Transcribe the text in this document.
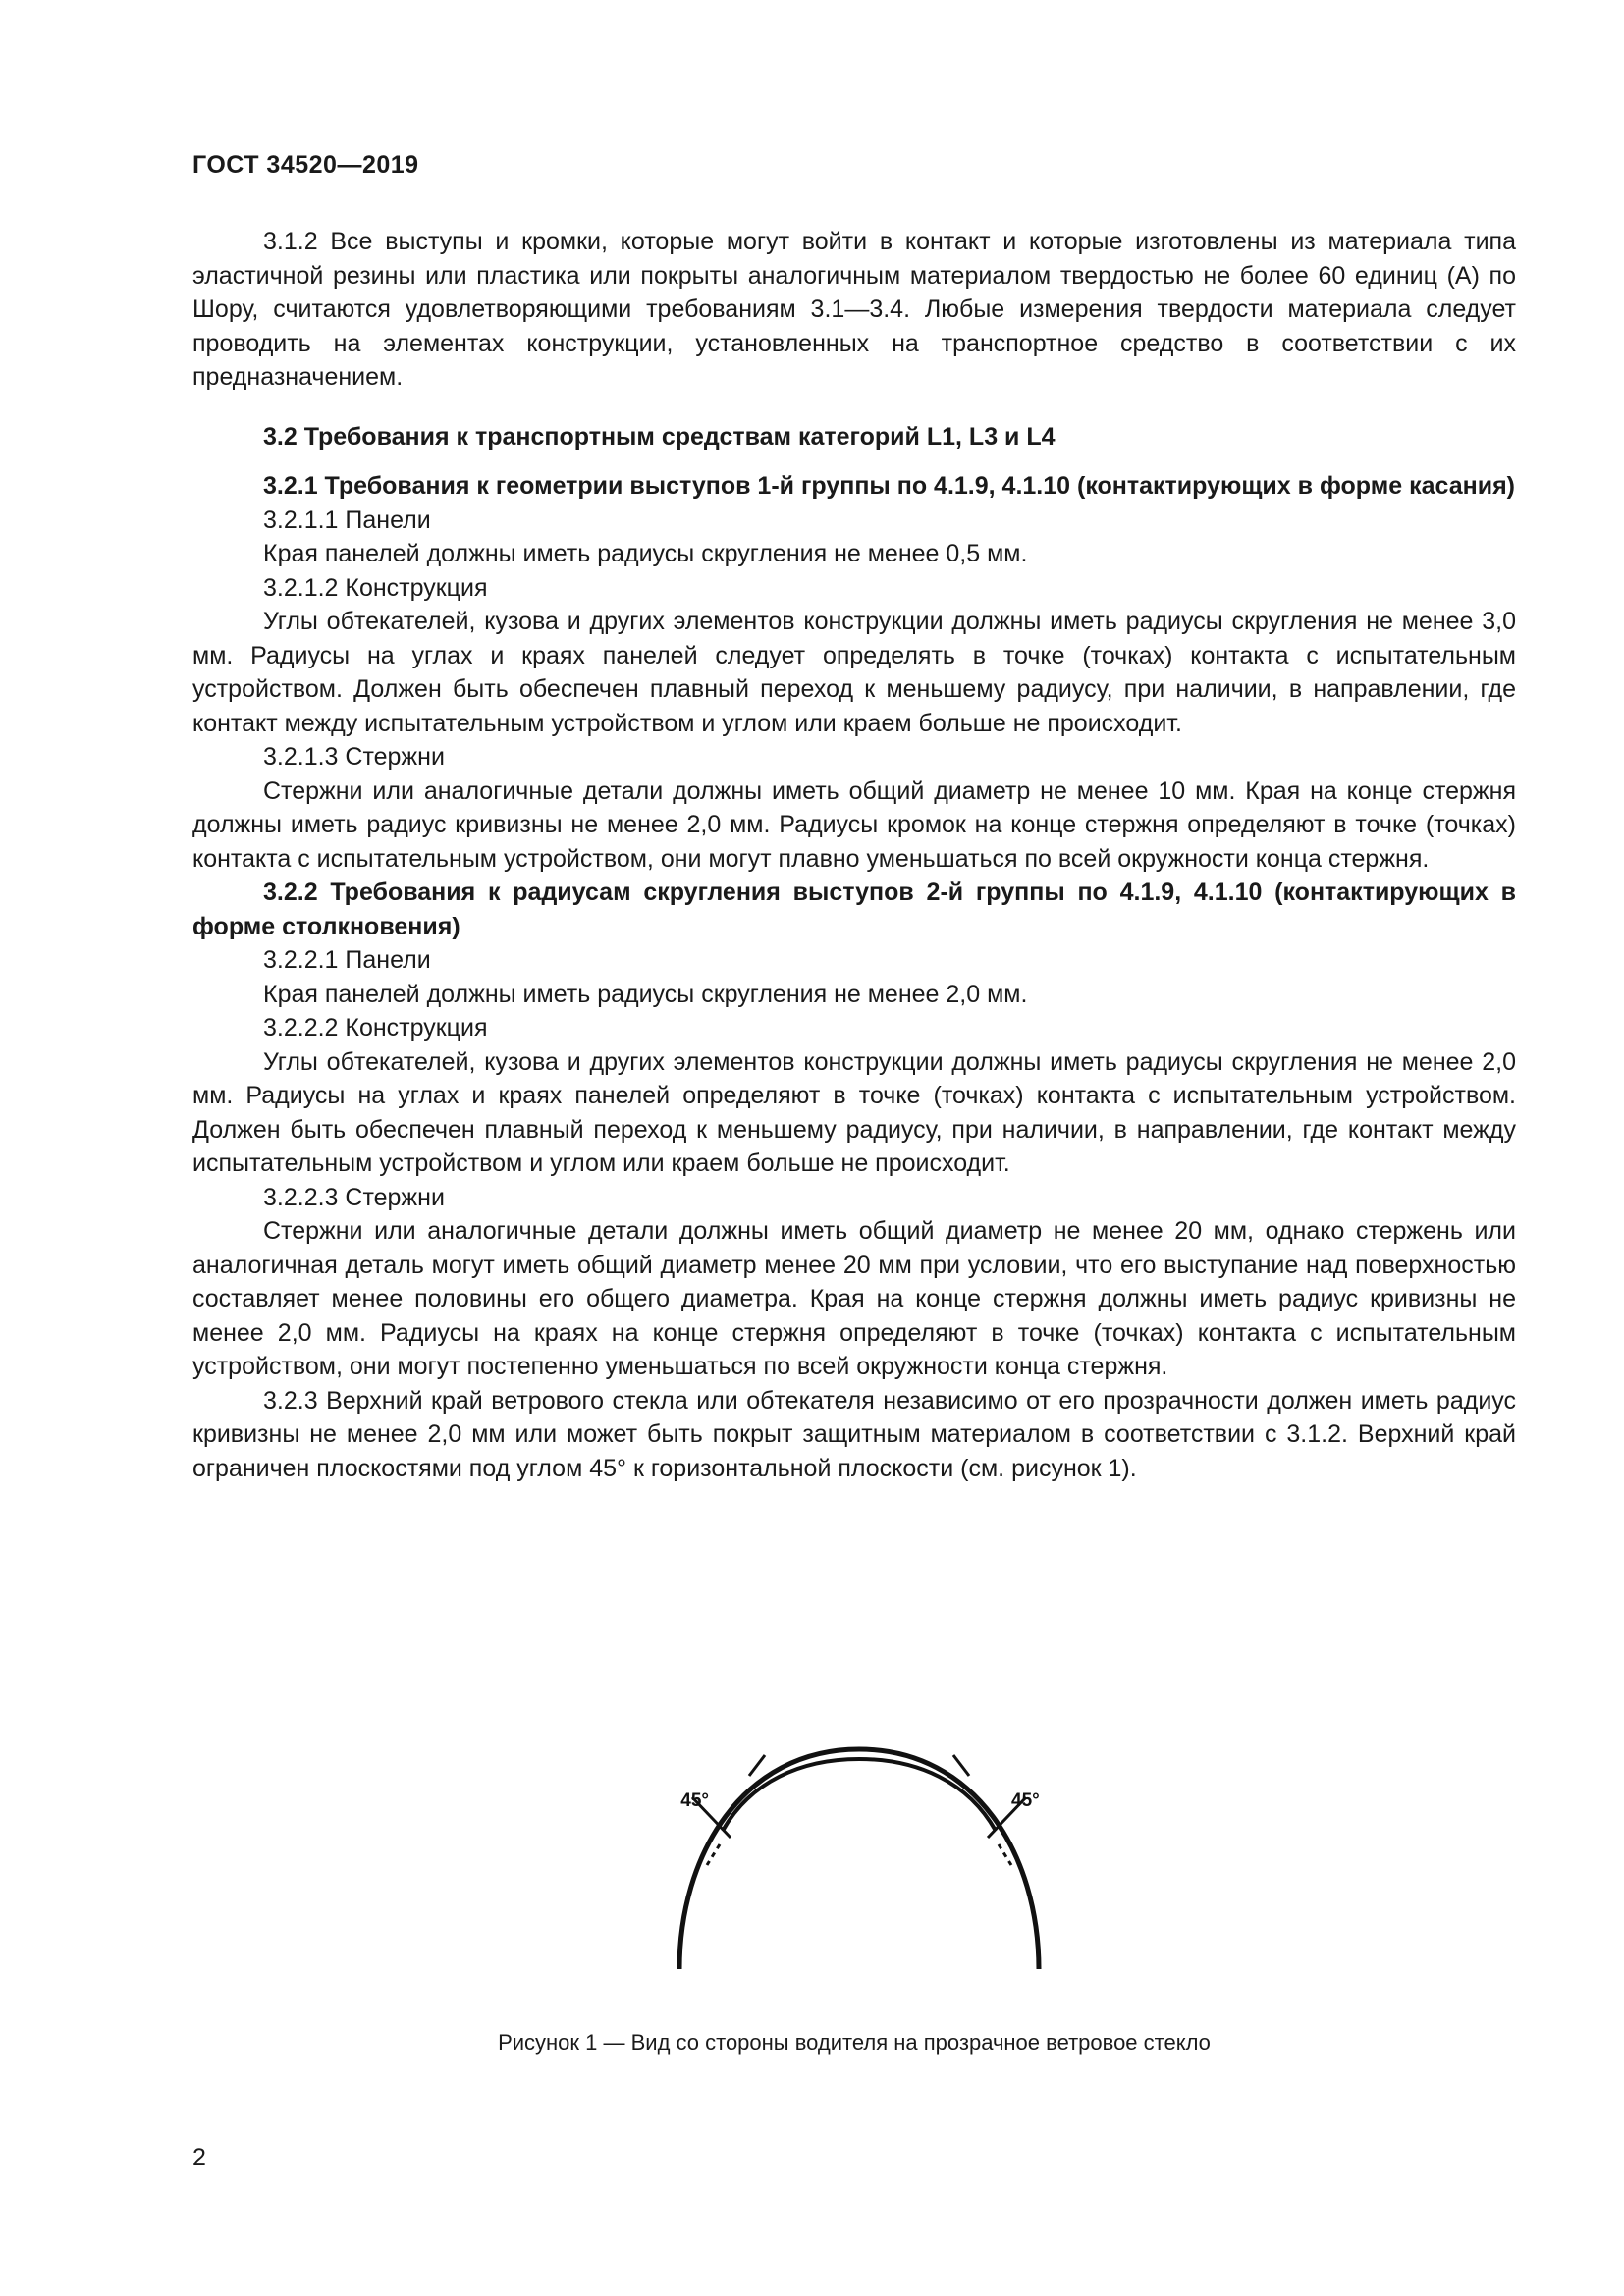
ГОСТ 34520—2019

3.1.2 Все выступы и кромки, которые могут войти в контакт и которые изготовлены из материала типа эластичной резины или пластика или покрыты аналогичным материалом твердостью не более 60 единиц (А) по Шору, считаются удовлетворяющими требованиям 3.1—3.4. Любые измерения твердости материала следует проводить на элементах конструкции, установленных на транспортное средство в соответствии с их предназначением.

3.2 Требования к транспортным средствам категорий L1, L3 и L4

3.2.1 Требования к геометрии выступов 1-й группы по 4.1.9, 4.1.10 (контактирующих в форме касания)

3.2.1.1 Панели

Края панелей должны иметь радиусы скругления не менее 0,5 мм.

3.2.1.2 Конструкция

Углы обтекателей, кузова и других элементов конструкции должны иметь радиусы скругления не менее 3,0 мм. Радиусы на углах и краях панелей следует определять в точке (точках) контакта с испытательным устройством. Должен быть обеспечен плавный переход к меньшему радиусу, при наличии, в направлении, где контакт между испытательным устройством и углом или краем больше не происходит.

3.2.1.3 Стержни

Стержни или аналогичные детали должны иметь общий диаметр не менее 10 мм. Края на конце стержня должны иметь радиус кривизны не менее 2,0 мм. Радиусы кромок на конце стержня определяют в точке (точках) контакта с испытательным устройством, они могут плавно уменьшаться по всей окружности конца стержня.

3.2.2 Требования к радиусам скругления выступов 2-й группы по 4.1.9, 4.1.10 (контактирующих в форме столкновения)

3.2.2.1 Панели

Края панелей должны иметь радиусы скругления не менее 2,0 мм.

3.2.2.2 Конструкция

Углы обтекателей, кузова и других элементов конструкции должны иметь радиусы скругления не менее 2,0 мм. Радиусы на углах и краях панелей определяют в точке (точках) контакта с испытательным устройством. Должен быть обеспечен плавный переход к меньшему радиусу, при наличии, в направлении, где контакт между испытательным устройством и углом или краем больше не происходит.

3.2.2.3 Стержни

Стержни или аналогичные детали должны иметь общий диаметр не менее 20 мм, однако стержень или аналогичная деталь могут иметь общий диаметр менее 20 мм при условии, что его выступание над поверхностью составляет менее половины его общего диаметра. Края на конце стержня должны иметь радиус кривизны не менее 2,0 мм. Радиусы на краях на конце стержня определяют в точке (точках) контакта с испытательным устройством, они могут постепенно уменьшаться по всей окружности конца стержня.

3.2.3 Верхний край ветрового стекла или обтекателя независимо от его прозрачности должен иметь радиус кривизны не менее 2,0 мм или может быть покрыт защитным материалом в соответствии с 3.1.2. Верхний край ограничен плоскостями под углом 45° к горизонтальной плоскости (см. рисунок 1).

45°	45°
Рисунок 1 — Вид со стороны водителя на прозрачное ветровое стекло
2
